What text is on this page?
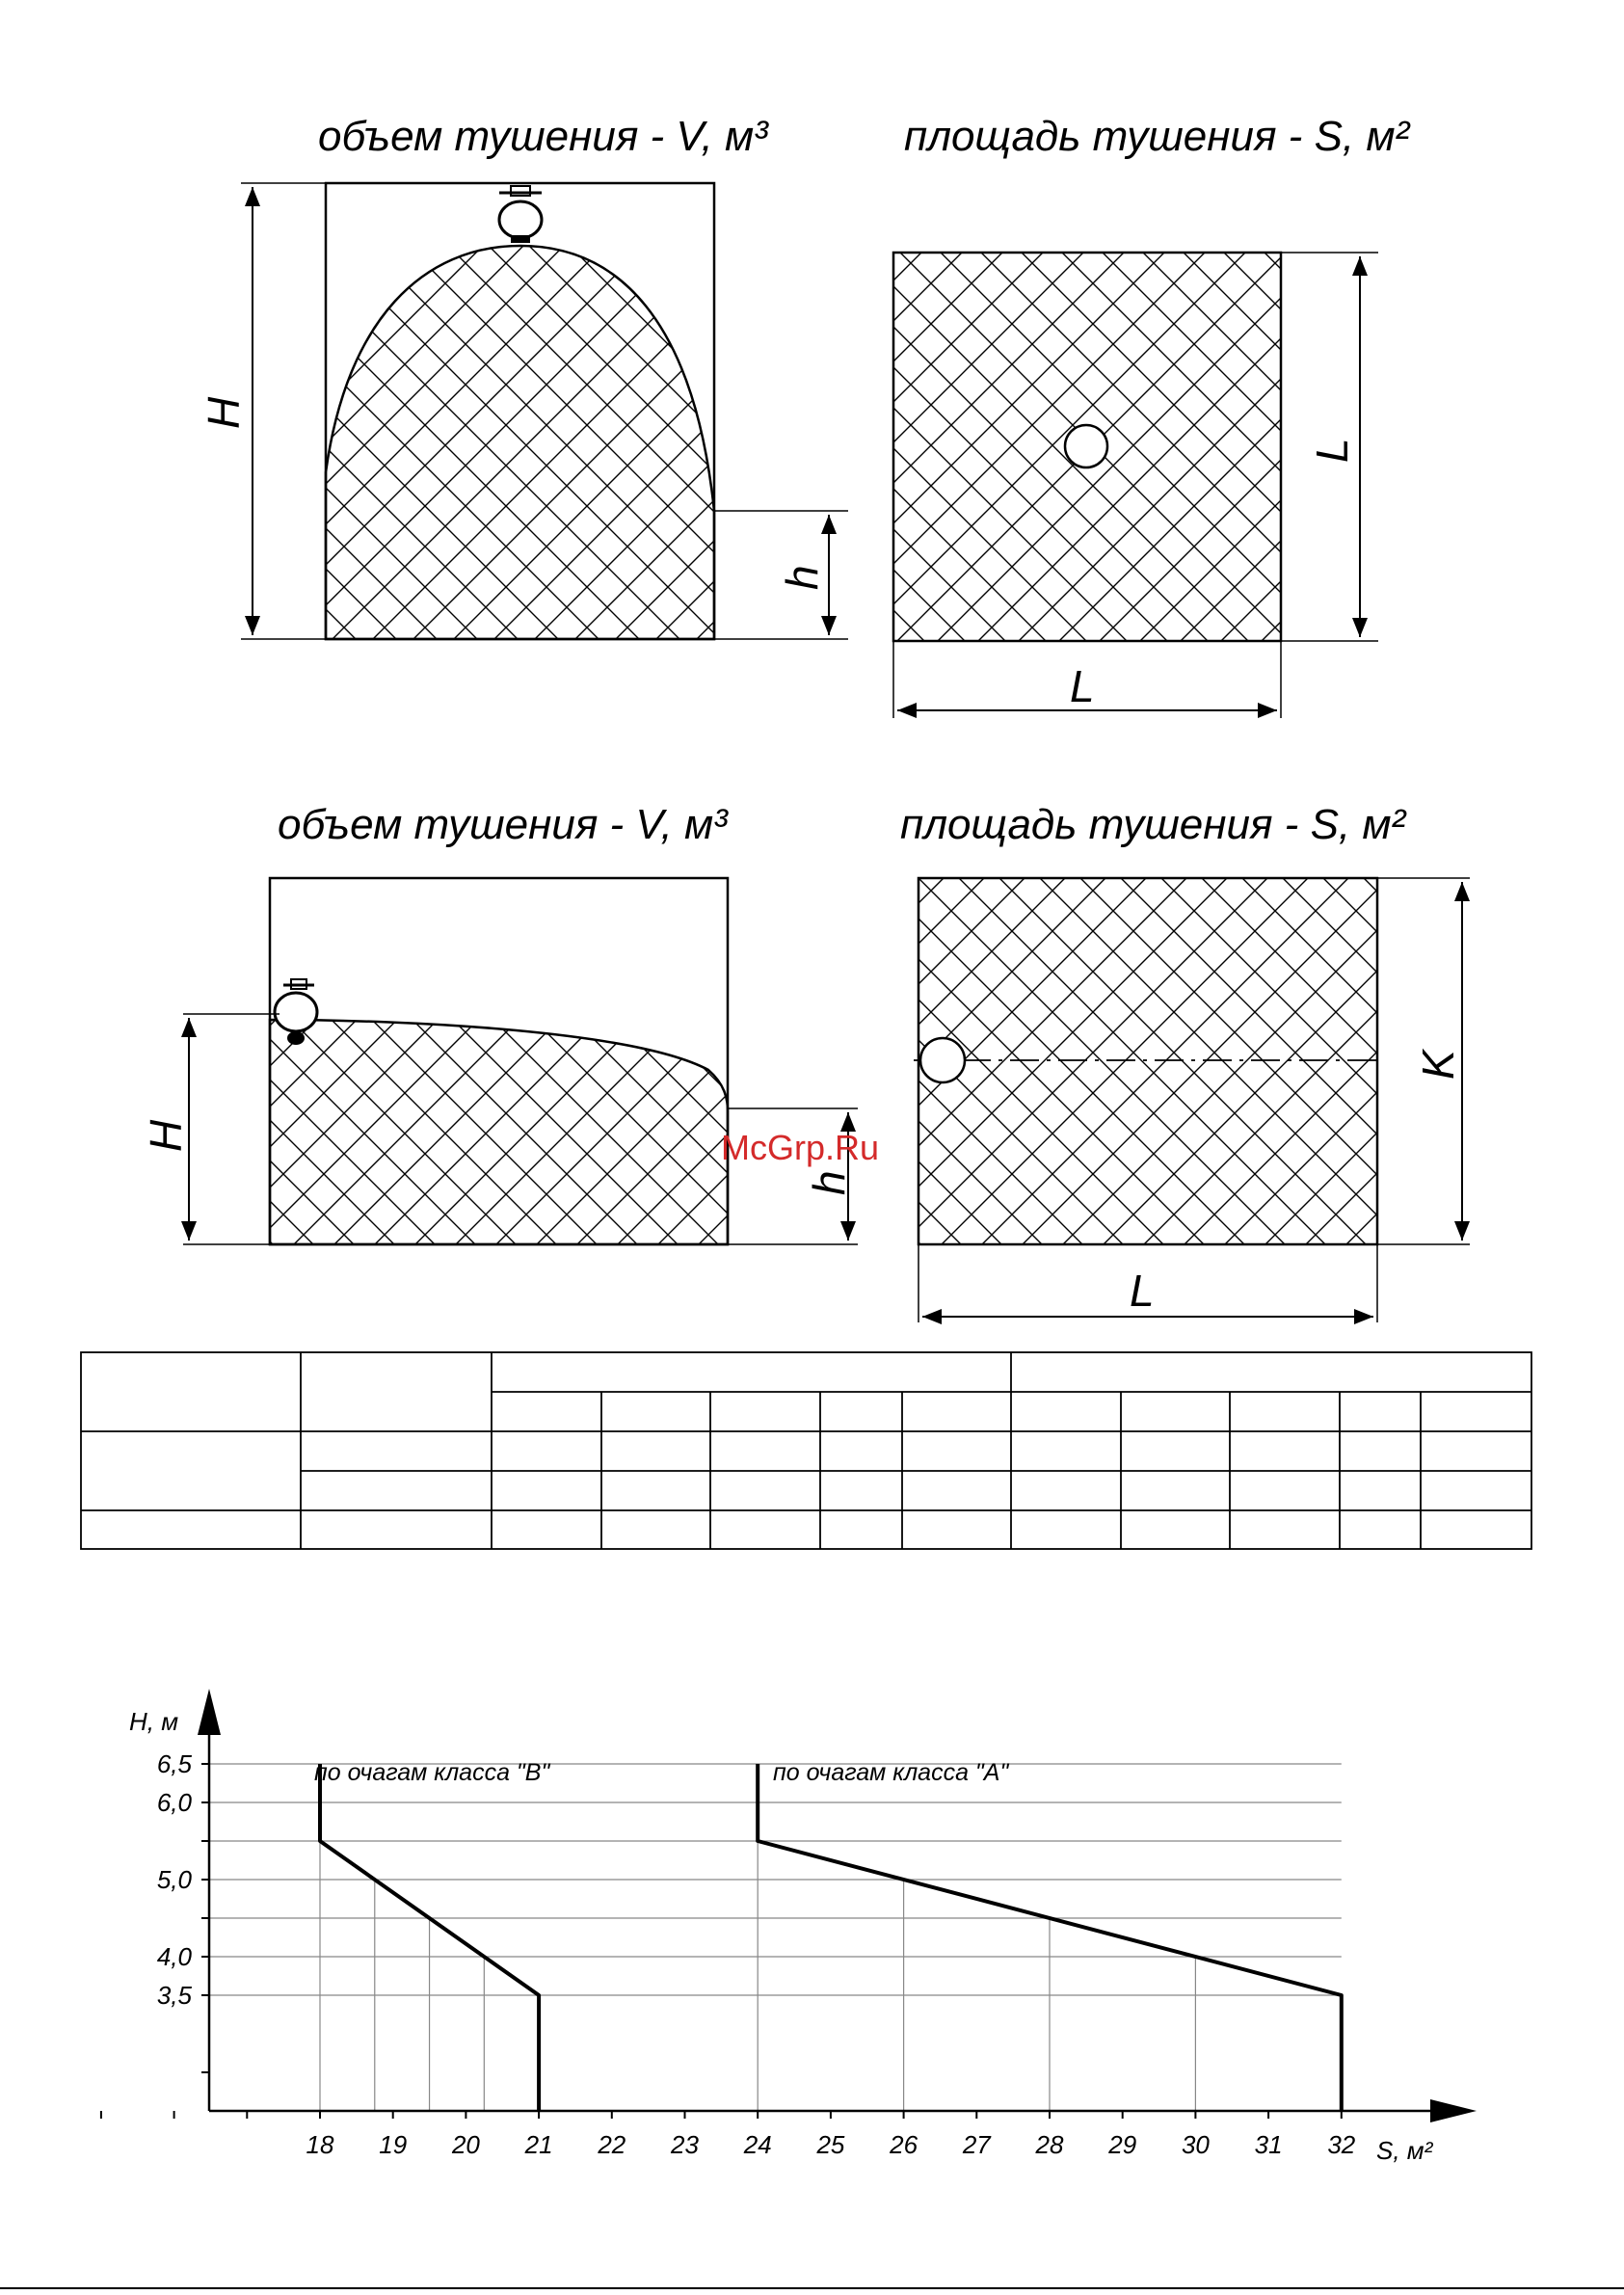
объем тушения - V, м³
H
h
площадь тушения - S, м²
L
L
объем тушения - V, м³
H
h
McGrp.Ru
площадь тушения - S, м²
K
L
18 19 20 21 22 23 24 25 26 27 28 29 30 31 32
3,5
4,0
5,0
6,0
6,5
H, м
S, м²
по очагам класса "В"	по очагам класса "А"
